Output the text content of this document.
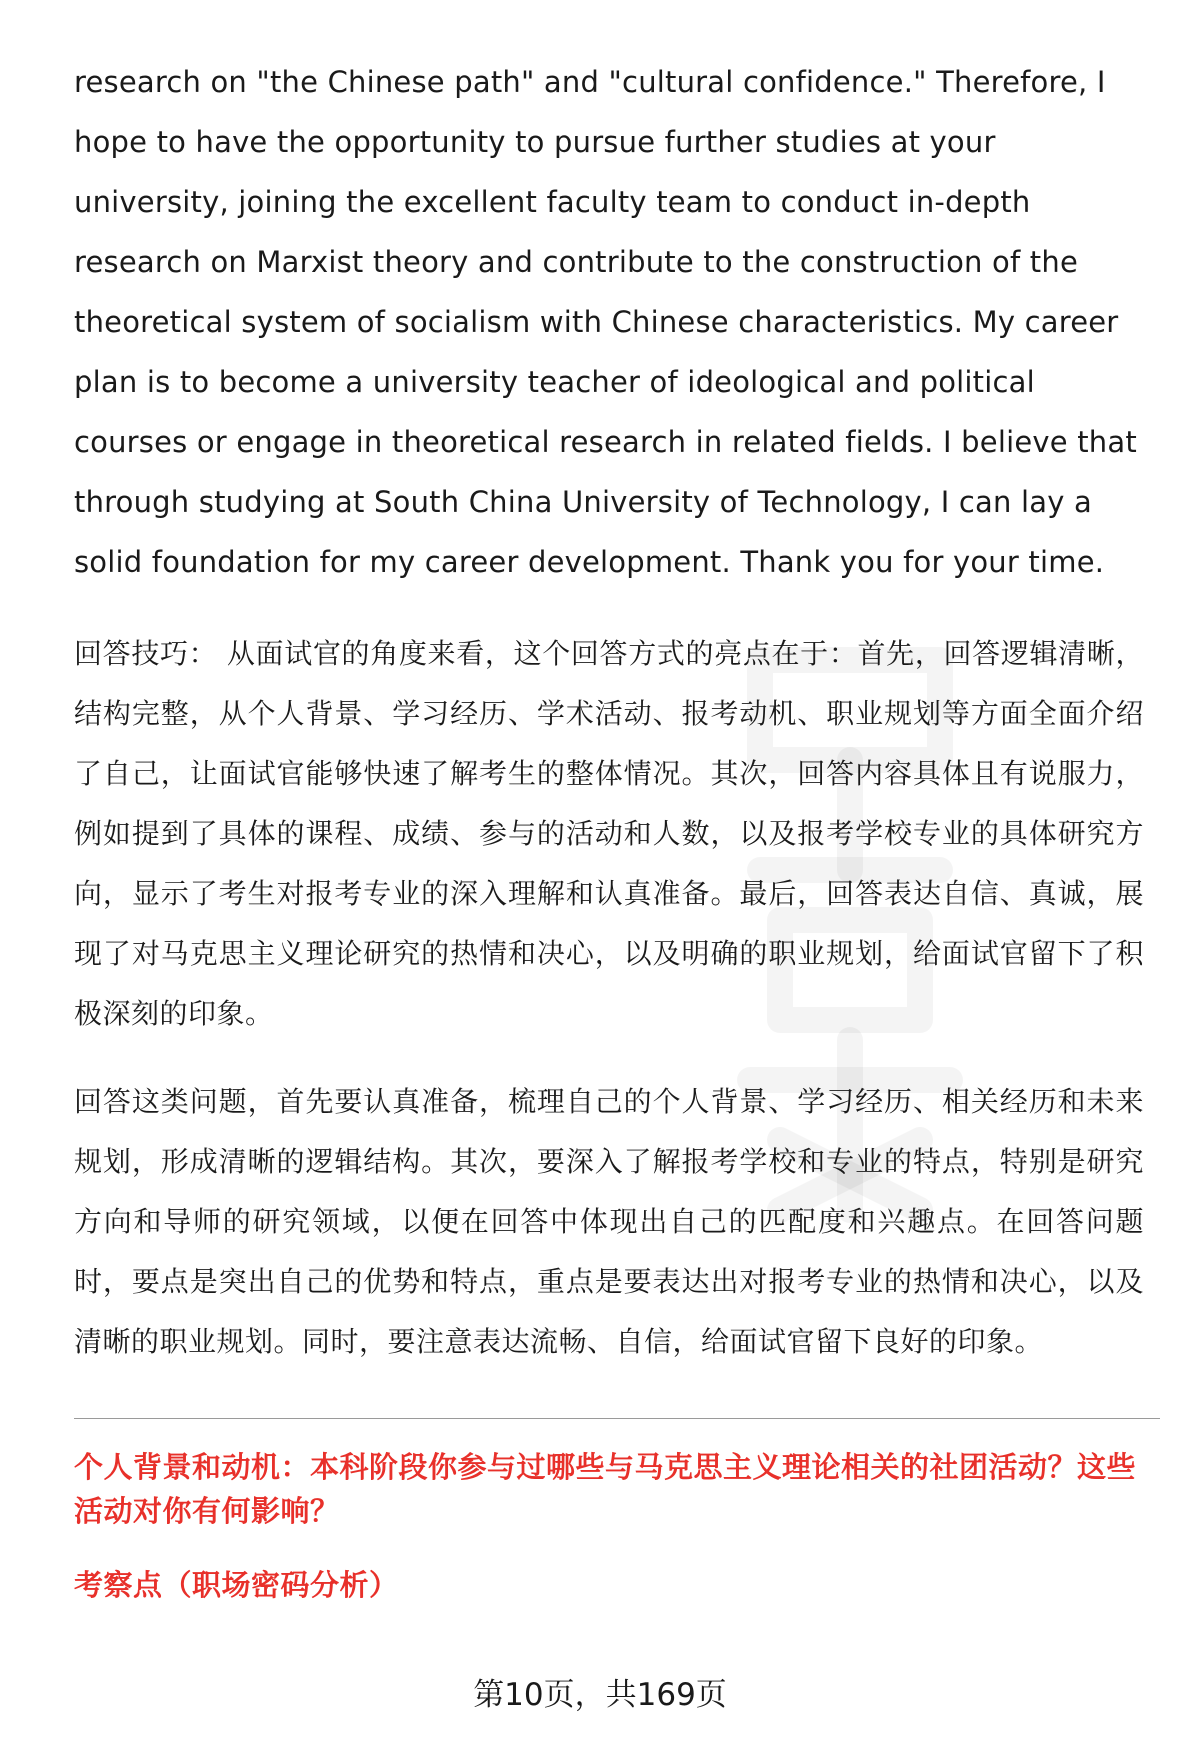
research on "the Chinese path" and "cultural confidence." Therefore, I hope to have the opportunity to pursue further studies at your university, joining the excellent faculty team to conduct in-depth research on Marxist theory and contribute to the construction of the theoretical system of socialism with Chinese characteristics. My career plan is to become a university teacher of ideological and political courses or engage in theoretical research in related fields. I believe that through studying at South China University of Technology, I can lay a solid foundation for my career development. Thank you for your time.

回答技巧： 从面试官的角度来看，这个回答方式的亮点在于：首先，回答逻辑清晰，结构完整，从个人背景、学习经历、学术活动、报考动机、职业规划等方面全面介绍了自己，让面试官能够快速了解考生的整体情况。其次，回答内容具体且有说服力，例如提到了具体的课程、成绩、参与的活动和人数，以及报考学校专业的具体研究方向，显示了考生对报考专业的深入理解和认真准备。最后，回答表达自信、真诚，展现了对马克思主义理论研究的热情和决心，以及明确的职业规划，给面试官留下了积极深刻的印象。

回答这类问题，首先要认真准备，梳理自己的个人背景、学习经历、相关经历和未来规划，形成清晰的逻辑结构。其次，要深入了解报考学校和专业的特点，特别是研究方向和导师的研究领域，以便在回答中体现出自己的匹配度和兴趣点。在回答问题时，要点是突出自己的优势和特点，重点是要表达出对报考专业的热情和决心，以及清晰的职业规划。同时，要注意表达流畅、自信，给面试官留下良好的印象。

个人背景和动机：本科阶段你参与过哪些与马克思主义理论相关的社团活动？这些活动对你有何影响？

考察点（职场密码分析）

第10页，共169页
